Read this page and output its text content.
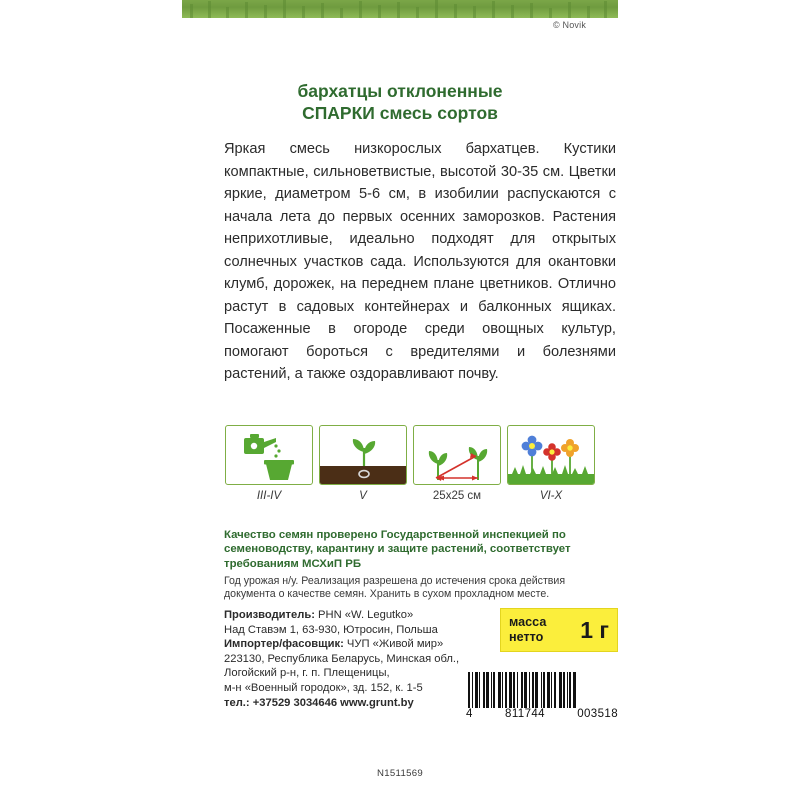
© Novik
бархатцы отклоненные
СПАРКИ смесь сортов

Яркая смесь низкорослых бархатцев. Кустики компактные, сильноветвистые, высотой 30-35 см. Цветки яркие, диаметром 5-6 см, в изобилии распускаются с начала лета до первых осенних заморозков. Растения неприхотливые, идеально подходят для открытых солнечных участков сада. Используются для окантовки клумб, дорожек, на переднем плане цветников. Отлично растут в садовых контейнерах и балконных ящиках. Посаженные в огороде среди овощных культур, помогают бороться с вредителями и болезнями растений, а также оздоравливают почву.

III-IV	V	25x25 см	VI-X
Качество семян проверено Государственной инспекцией по семеноводству, карантину и защите растений, соответствует требованиям МСХиП РБ
Год урожая н/у. Реализация разрешена до истечения срока действия документа о качестве семян. Хранить в сухом прохладном месте.
Производитель: PHN «W. Legutko»
Над Ставэм 1, 63-930, Ютросин, Польша
Импортер/фасовщик: ЧУП «Живой мир»
223130, Республика Беларусь, Минская обл.,
Логойский р-н, г. п. Плещеницы,
м-н «Военный городок», зд. 152, к. 1-5
тел.: +37529 3034646 www.grunt.by
масса
нетто 1 г
4	811744	003518
N1511569
